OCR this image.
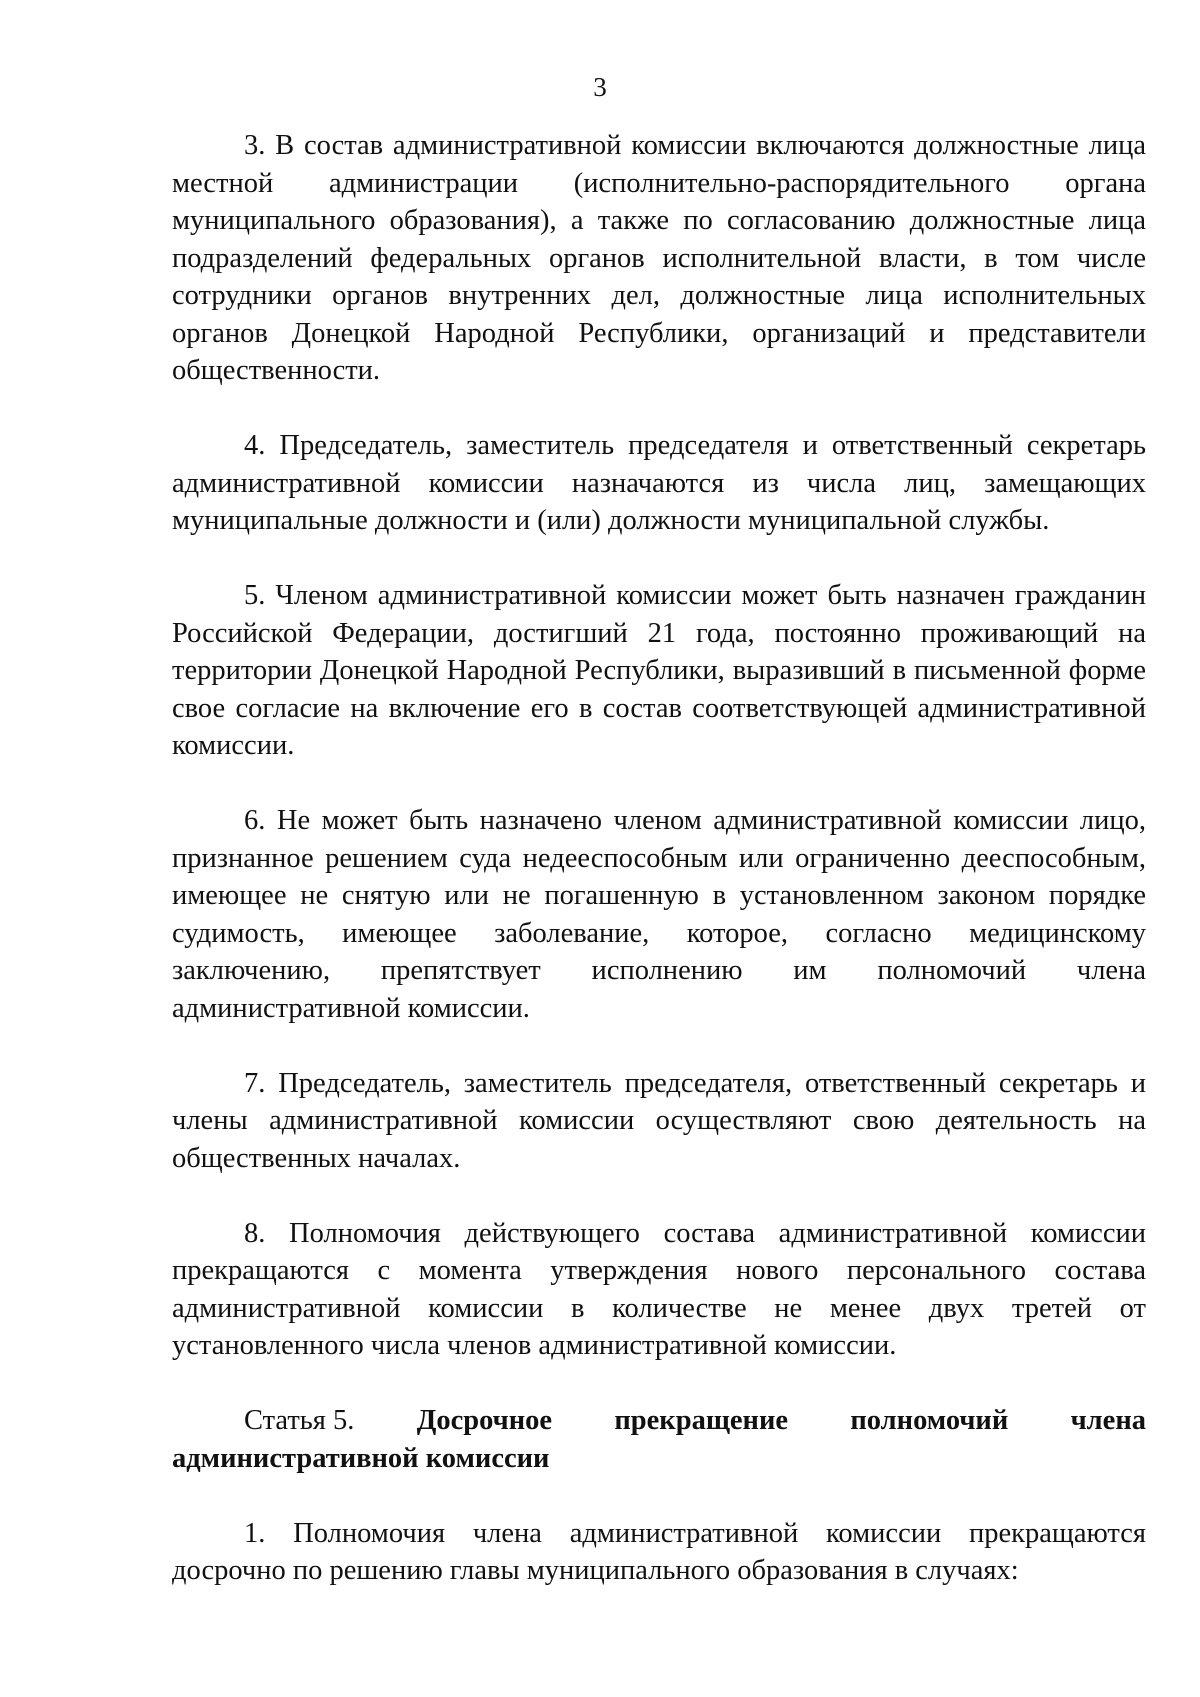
3

3. В состав административной комиссии включаются должностные лица местной администрации (исполнительно-распорядительного органа муниципального образования), а также по согласованию должностные лица подразделений федеральных органов исполнительной власти, в том числе сотрудники органов внутренних дел, должностные лица исполнительных органов Донецкой Народной Республики, организаций и представители общественности.

4. Председатель, заместитель председателя и ответственный секретарь административной комиссии назначаются из числа лиц, замещающих муниципальные должности и (или) должности муниципальной службы.

5. Членом административной комиссии может быть назначен гражданин Российской Федерации, достигший 21 года, постоянно проживающий на территории Донецкой Народной Республики, выразивший в письменной форме свое согласие на включение его в состав соответствующей административной комиссии.

6. Не может быть назначено членом административной комиссии лицо, признанное решением суда недееспособным или ограниченно дееспособным, имеющее не снятую или не погашенную в установленном законом порядке судимость, имеющее заболевание, которое, согласно медицинскому заключению, препятствует исполнению им полномочий члена административной комиссии.

7. Председатель, заместитель председателя, ответственный секретарь и члены административной комиссии осуществляют свою деятельность на общественных началах.

8. Полномочия действующего состава административной комиссии прекращаются с момента утверждения нового персонального состава административной комиссии в количестве не менее двух третей от установленного числа членов административной комиссии.

Статья 5. Досрочное прекращение полномочий члена
административной комиссии

1. Полномочия члена административной комиссии прекращаются досрочно по решению главы муниципального образования в случаях:
